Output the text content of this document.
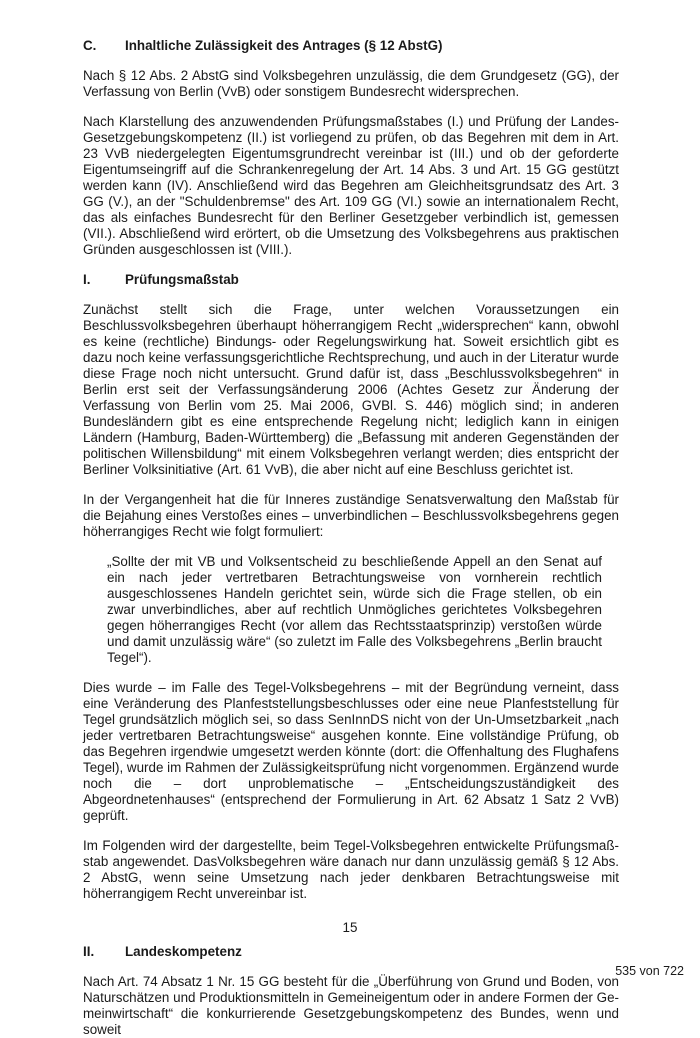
C.	Inhaltliche Zulässigkeit des Antrages (§ 12 AbstG)

Nach § 12 Abs. 2 AbstG sind Volksbegehren unzulässig, die dem Grundgesetz (GG), der Verfassung von Berlin (VvB) oder sonstigem Bundesrecht widersprechen.

Nach Klarstellung des anzuwendenden Prüfungsmaßstabes (I.) und Prüfung der Landes-Gesetzgebungskompetenz (II.) ist vorliegend zu prüfen, ob das Begehren mit dem in Art. 23 VvB niedergelegten Eigentumsgrundrecht vereinbar ist (III.) und ob der geforderte Eigentumseingriff auf die Schrankenregelung der Art. 14 Abs. 3 und Art. 15 GG gestützt werden kann (IV). Anschließend wird das Begehren am Gleichheitsgrundsatz des Art. 3 GG (V.), an der "Schuldenbremse" des Art. 109 GG (VI.) sowie an internationalem Recht, das als einfaches Bundesrecht für den Berliner Gesetzgeber verbindlich ist, gemessen (VII.). Abschließend wird erörtert, ob die Umsetzung des Volksbegehrens aus praktischen Gründen ausgeschlossen ist (VIII.).

I.	Prüfungsmaßstab

Zunächst stellt sich die Frage, unter welchen Voraussetzungen ein Beschlussvolksbegehren überhaupt höherrangigem Recht „widersprechen“ kann, obwohl es keine (rechtliche) Bindungs- oder Regelungswirkung hat. Soweit ersichtlich gibt es dazu noch keine verfassungsgerichtliche Rechtsprechung, und auch in der Literatur wurde diese Frage noch nicht untersucht. Grund dafür ist, dass „Beschlussvolksbegehren“ in Berlin erst seit der Verfassungsänderung 2006 (Achtes Gesetz zur Änderung der Verfassung von Berlin vom 25. Mai 2006, GVBl. S. 446) möglich sind; in anderen Bundesländern gibt es eine entsprechende Regelung nicht; lediglich kann in einigen Ländern (Hamburg, Baden-Württemberg) die „Befassung mit anderen Gegenständen der politischen Willensbildung“ mit einem Volksbegehren verlangt werden; dies entspricht der Berliner Volksinitiative (Art. 61 VvB), die aber nicht auf eine Beschluss gerichtet ist.

In der Vergangenheit hat die für Inneres zuständige Senatsverwaltung den Maßstab für die Bejahung eines Verstoßes eines – unverbindlichen – Beschlussvolksbegehrens gegen höherrangiges Recht wie folgt formuliert:

„Sollte der mit VB und Volksentscheid zu beschließende Appell an den Senat auf ein nach jeder vertretbaren Betrachtungsweise von vornherein rechtlich ausgeschlossenes Handeln gerichtet sein, würde sich die Frage stellen, ob ein zwar unverbindliches, aber auf rechtlich Unmögliches gerichtetes Volksbegehren gegen höherrangiges Recht (vor allem das Rechtsstaatsprinzip) verstoßen würde und damit unzulässig wäre“ (so zuletzt im Falle des Volksbegehrens „Berlin braucht Tegel“).

Dies wurde – im Falle des Tegel-Volksbegehrens – mit der Begründung verneint, dass eine Veränderung des Planfeststellungsbeschlusses oder eine neue Planfeststellung für Tegel grundsätzlich möglich sei, so dass SenInnDS nicht von der Un-Umsetzbarkeit „nach jeder vertretbaren Betrachtungsweise“ ausgehen konnte. Eine vollständige Prüfung, ob das Begehren irgendwie umgesetzt werden könnte (dort: die Offenhaltung des Flughafens Tegel), wurde im Rahmen der Zulässigkeitsprüfung nicht vorgenommen. Ergänzend wurde noch die – dort unproblematische – „Entscheidungszuständigkeit des Abgeordnetenhauses“ (entsprechend der Formulierung in Art. 62 Absatz 1 Satz 2 VvB) geprüft.

Im Folgenden wird der dargestellte, beim Tegel-Volksbegehren entwickelte Prüfungsmaßstab angewendet. DasVolksbegehren wäre danach nur dann unzulässig gemäß § 12 Abs. 2 AbstG, wenn seine Umsetzung nach jeder denkbaren Betrachtungsweise mit höherrangigem Recht unvereinbar ist.

II.	Landeskompetenz

Nach Art. 74 Absatz 1 Nr. 15 GG besteht für die „Überführung von Grund und Boden, von Naturschätzen und Produktionsmitteln in Gemeineigentum oder in andere Formen der Gemeinwirtschaft“ die konkurrierende Gesetzgebungskompetenz des Bundes, wenn und soweit

15
535 von 722
